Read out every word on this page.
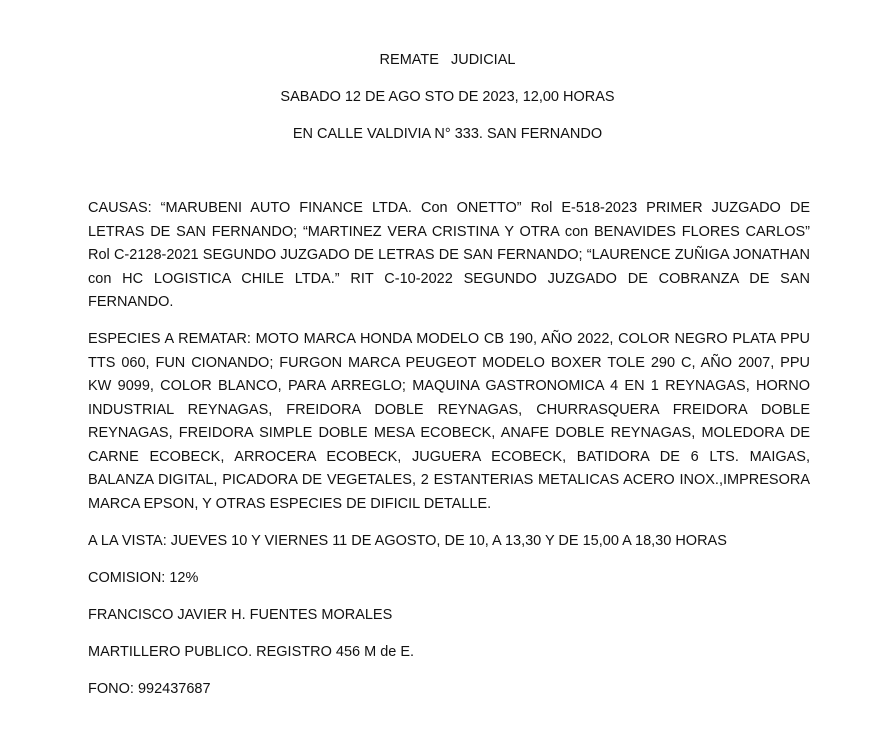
REMATE   JUDICIAL
SABADO 12 DE AGO STO DE 2023, 12,00 HORAS
EN CALLE VALDIVIA N° 333. SAN FERNANDO

CAUSAS: “MARUBENI AUTO FINANCE LTDA. Con ONETTO” Rol E-518-2023 PRIMER JUZGADO DE LETRAS DE SAN FERNANDO; “MARTINEZ VERA CRISTINA Y OTRA con BENAVIDES FLORES CARLOS” Rol C-2128-2021 SEGUNDO JUZGADO DE LETRAS DE SAN FERNANDO; “LAURENCE ZUÑIGA JONATHAN con HC LOGISTICA CHILE LTDA.” RIT C-10-2022 SEGUNDO JUZGADO DE COBRANZA DE SAN FERNANDO.

ESPECIES A REMATAR: MOTO MARCA HONDA MODELO CB 190, AÑO 2022, COLOR NEGRO PLATA PPU TTS 060, FUN CIONANDO; FURGON MARCA PEUGEOT MODELO BOXER TOLE 290 C, AÑO 2007, PPU KW 9099, COLOR BLANCO, PARA ARREGLO; MAQUINA GASTRONOMICA 4 EN 1 REYNAGAS, HORNO INDUSTRIAL REYNAGAS, FREIDORA DOBLE REYNAGAS, CHURRASQUERA FREIDORA DOBLE REYNAGAS, FREIDORA SIMPLE DOBLE MESA ECOBECK, ANAFE DOBLE REYNAGAS, MOLEDORA DE CARNE ECOBECK, ARROCERA ECOBECK, JUGUERA ECOBECK, BATIDORA DE 6 LTS. MAIGAS, BALANZA DIGITAL, PICADORA DE VEGETALES, 2 ESTANTERIAS METALICAS ACERO INOX.,IMPRESORA MARCA EPSON, Y OTRAS ESPECIES DE DIFICIL DETALLE.

A LA VISTA: JUEVES 10 Y VIERNES 11 DE AGOSTO, DE 10, A 13,30 Y DE 15,00 A 18,30 HORAS

COMISION: 12%

FRANCISCO JAVIER H. FUENTES MORALES

MARTILLERO PUBLICO. REGISTRO 456 M de E.

FONO: 992437687
